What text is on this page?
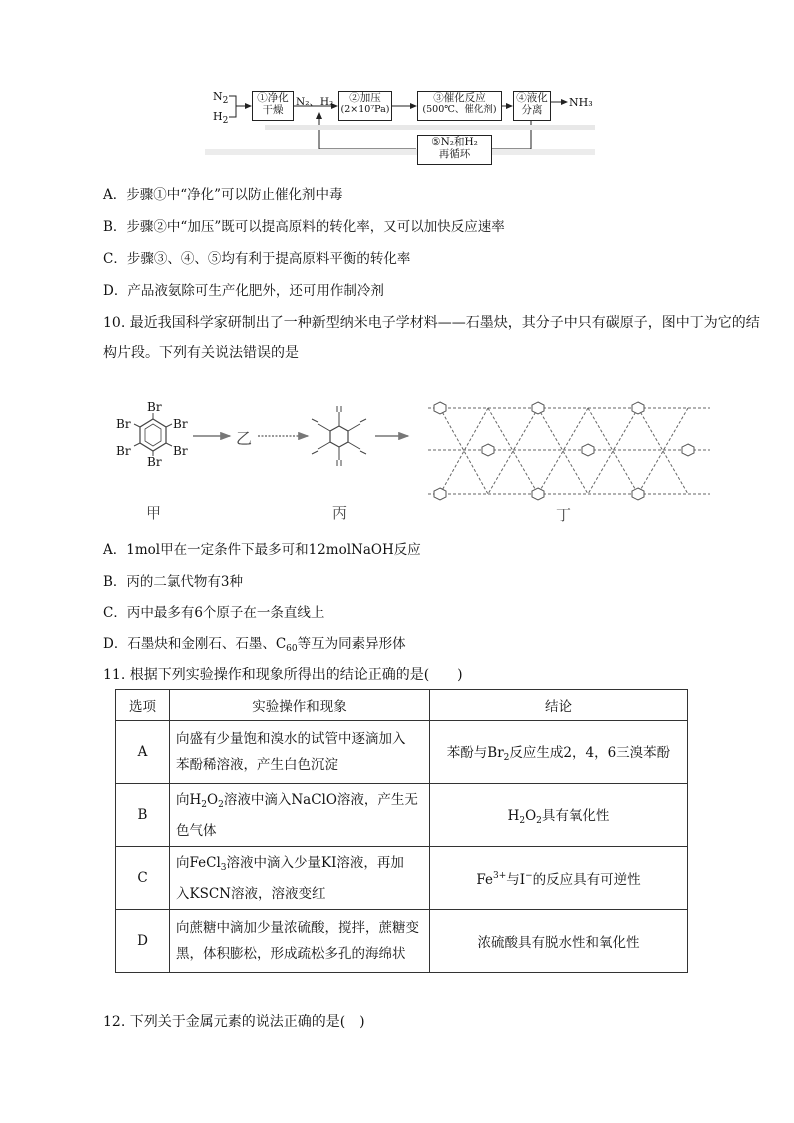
$N_2$
$H_2$
①净化
干燥
N₂、H₂	②加压
(2×10⁷Pa)
③催化反应
(500℃、催化剂)
④液化
分离
NH₃
⑤N₂和H₂
再循环
A．步骤①中“净化”可以防止催化剂中毒
B．步骤②中“加压”既可以提高原料的转化率，又可以加快反应速率
C．步骤③、④、⑤均有利于提高原料平衡的转化率
D．产品液氨除可生产化肥外，还可用作制冷剂
10. 最近我国科学家研制出了一种新型纳米电子学材料——石墨炔，其分子中只有碳原子，图中丁为它的结
构片段。下列有关说法错误的是
Br
Br	Br
Br	Br
Br
乙
甲	丙	丁
A．1mol甲在一定条件下最多可和12molNaOH反应
B．丙的二氯代物有3种
C．丙中最多有6个原子在一条直线上
D．石墨炔和金刚石、石墨、$C_{60}$等互为同素异形体
11. 根据下列实验操作和现象所得出的结论正确的是(　　)
选项	实验操作和现象	结论
A	向盛有少量饱和溴水的试管中逐滴加入
苯酚稀溶液，产生白色沉淀	苯酚与$Br_2$反应生成2，4，6三溴苯酚
B	向$H_2O_2$溶液中滴入NaClO溶液，产生无
色气体	$H_2O_2$具有氧化性
C	向FeCl$_3$溶液中滴入少量KI溶液，再加
入KSCN溶液，溶液变红	$Fe^{3+}$与I−的反应具有可逆性
D	向蔗糖中滴加少量浓硫酸，搅拌，蔗糖变
黑，体积膨松，形成疏松多孔的海绵状	浓硫酸具有脱水性和氧化性
12. 下列关于金属元素的说法正确的是(　)
